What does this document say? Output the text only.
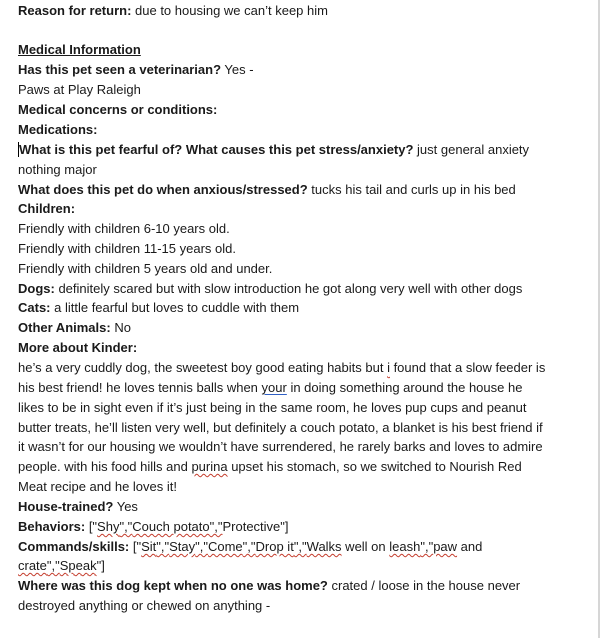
Reason for return: due to housing we can’t keep him
Medical Information
Has this pet seen a veterinarian? Yes -
Paws at Play Raleigh
Medical concerns or conditions:
Medications:
What is this pet fearful of? What causes this pet stress/anxiety? just general anxiety
nothing major
What does this pet do when anxious/stressed? tucks his tail and curls up in his bed
Children:
Friendly with children 6-10 years old.
Friendly with children 11-15 years old.
Friendly with children 5 years old and under.
Dogs: definitely scared but with slow introduction he got along very well with other dogs
Cats: a little fearful but loves to cuddle with them
Other Animals: No
More about Kinder:
he’s a very cuddly dog, the sweetest boy good eating habits but i found that a slow feeder is
his best friend! he loves tennis balls when your in doing something around the house he
likes to be in sight even if it’s just being in the same room, he loves pup cups and peanut
butter treats, he’ll listen very well, but definitely a couch potato, a blanket is his best friend if
it wasn’t for our housing we wouldn’t have surrendered, he rarely barks and loves to admire
people. with his food hills and purina upset his stomach, so we switched to Nourish Red
Meat recipe and he loves it!
House-trained? Yes
Behaviors: ["Shy","Couch potato","Protective"]
Commands/skills: ["Sit","Stay","Come","Drop it","Walks well on leash","paw and
crate","Speak"]
Where was this dog kept when no one was home? crated / loose in the house never
destroyed anything or chewed on anything -
